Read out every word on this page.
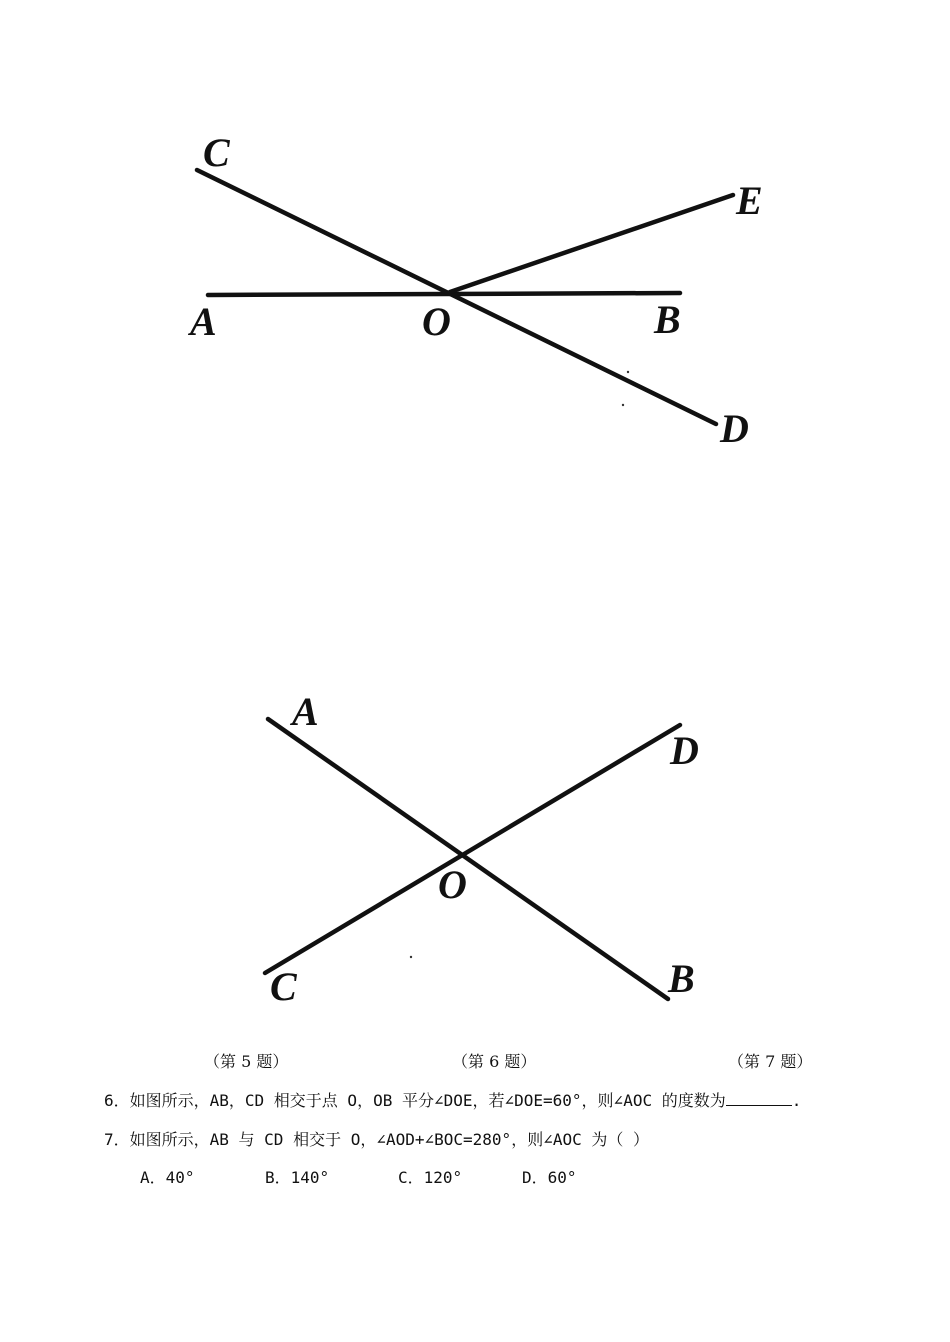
C
E
A	O	B
D
A
D
O
C	B
（第 5 题）	（第 6 题）	（第 7 题）
6．如图所示，AB，CD 相交于点 O，OB 平分∠DOE，若∠DOE=60°，则∠AOC 的度数为	.
7．如图所示，AB 与 CD 相交于 O，∠AOD+∠BOC=280°，则∠AOC 为（ ）
A．40°	B．140°	C．120°	D．60°
